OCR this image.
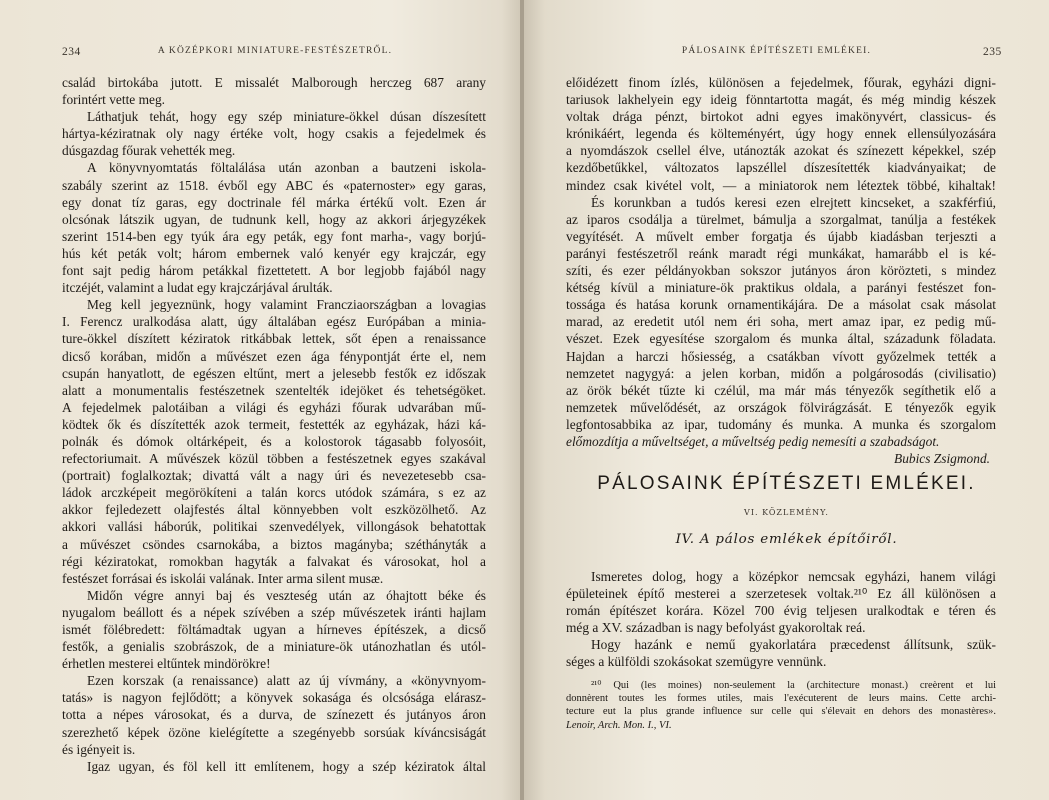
234	A KÖZÉPKORI MINIATURE-FESTÉSZETRŐL.
család birtokába jutott. E missalét Malborough herczeg 687 arany
forintért vette meg.
Láthatjuk tehát, hogy egy szép miniature-ökkel dúsan díszesített
hártya-kéziratnak oly nagy értéke volt, hogy csakis a fejedelmek és
dúsgazdag főurak vehették meg.
A könyvnyomtatás föltalálása után azonban a bautzeni iskola-
szabály szerint az 1518. évből egy ABC és «paternoster» egy garas,
egy donat tíz garas, egy doctrinale fél márka értékű volt. Ezen ár
olcsónak látszik ugyan, de tudnunk kell, hogy az akkori árjegyzékek
szerint 1514-ben egy tyúk ára egy peták, egy font marha-, vagy borjú-
hús két peták volt; három embernek való kenyér egy krajczár, egy
font sajt pedig három petákkal fizettetett. A bor legjobb fajából nagy
itczéjét, valamint a ludat egy krajczárjával árulták.
Meg kell jegyeznünk, hogy valamint Francziaországban a lovagias
I. Ferencz uralkodása alatt, úgy általában egész Európában a minia-
ture-ökkel díszített kéziratok ritkábbak lettek, sőt épen a renaissance
dicső korában, midőn a művészet ezen ága fénypontját érte el, nem
csupán hanyatlott, de egészen eltűnt, mert a jelesebb festők ez időszak
alatt a monumentalis festészetnek szentelték idejöket és tehetségöket.
A fejedelmek palotáiban a világi és egyházi főurak udvarában mű-
ködtek ők és díszítették azok termeit, festették az egyházak, házi ká-
polnák és dómok oltárképeit, és a kolostorok tágasabb folyosóit,
refectoriumait. A művészek közül többen a festészetnek egyes szakával
(portrait) foglalkoztak; divattá vált a nagy úri és nevezetesebb csa-
ládok arczképeit megörökíteni a talán korcs utódok számára, s ez az
akkor fejledezett olajfestés által könnyebben volt eszközölhető. Az
akkori vallási háborúk, politikai szenvedélyek, villongások behatottak
a művészet csöndes csarnokába, a biztos magányba; széthányták a
régi kéziratokat, romokban hagyták a falvakat és városokat, hol a
festészet forrásai és iskolái valának. Inter arma silent musæ.
Midőn végre annyi baj és veszteség után az óhajtott béke és
nyugalom beállott és a népek szívében a szép művészetek iránti hajlam
ismét fölébredett: föltámadtak ugyan a hírneves építészek, a dicső
festők, a genialis szobrászok, de a miniature-ök utánozhatlan és utól-
érhetlen mesterei eltűntek mindörökre!
Ezen korszak (a renaissance) alatt az új vívmány, a «könyvnyom-
tatás» is nagyon fejlődött; a könyvek sokasága és olcsósága elárasz-
totta a népes városokat, és a durva, de színezett és jutányos áron
szerezhető képek özöne kielégítette a szegényebb sorsúak kíváncsiságát
és igényeit is.
Igaz ugyan, és föl kell itt említenem, hogy a szép kéziratok által
PÁLOSAINK ÉPÍTÉSZETI EMLÉKEI.	235
előidézett finom ízlés, különösen a fejedelmek, főurak, egyházi digni-
tariusok lakhelyein egy ideig fönntartotta magát, és még mindig készek
voltak drága pénzt, birtokot adni egyes imakönyvért, classicus- és
krónikáért, legenda és költeményért, úgy hogy ennek ellensúlyozására
a nyomdászok csellel élve, utánozták azokat és színezett képekkel, szép
kezdőbetűkkel, változatos lapszéllel díszesítették kiadványaikat; de
mindez csak kivétel volt, — a miniatorok nem léteztek többé, kihaltak!
És korunkban a tudós keresi ezen elrejtett kincseket, a szakférfiú,
az iparos csodálja a türelmet, bámulja a szorgalmat, tanúlja a festékek
vegyítését. A művelt ember forgatja és újabb kiadásban terjeszti a
parányi festészetről reánk maradt régi munkákat, hamarább el is ké-
szíti, és ezer példányokban sokszor jutányos áron körözteti, s mindez
kétség kívül a miniature-ök praktikus oldala, a parányi festészet fon-
tossága és hatása korunk ornamentikájára. De a másolat csak másolat
marad, az eredetit utól nem éri soha, mert amaz ipar, ez pedig mű-
vészet. Ezek egyesítése szorgalom és munka által, századunk föladata.
Hajdan a harczi hősiesség, a csatákban vívott győzelmek tették a
nemzetet nagygyá: a jelen korban, midőn a polgárosodás (civilisatio)
az örök békét tűzte ki czélúl, ma már más tényezők segíthetik elő a
nemzetek művelődését, az országok fölvirágzását. E tényezők egyik
legfontosabbika az ipar, tudomány és munka. A munka és szorgalom
előmozdítja a műveltséget, a műveltség pedig nemesíti a szabadságot.
Bubics Zsigmond.
PÁLOSAINK ÉPÍTÉSZETI EMLÉKEI.
VI. KÖZLEMÉNY.
IV. A pálos emlékek építőiről.
Ismeretes dolog, hogy a középkor nemcsak egyházi, hanem világi
épületeinek építő mesterei a szerzetesek voltak.²¹⁰ Ez áll különösen a
román építészet korára. Közel 700 évig teljesen uralkodtak e téren és
még a XV. században is nagy befolyást gyakoroltak reá.
Hogy hazánk e nemű gyakorlatára præcedenst állítsunk, szük-
séges a külföldi szokásokat szemügyre vennünk.
²¹⁰ Qui (les moines) non-seulement la (architecture monast.) creèrent et lui
donnèrent toutes les formes utiles, mais l'exécuterent de leurs mains. Cette archi-
tecture eut la plus grande influence sur celle qui s'élevait en dehors des monastères».
Lenoir, Arch. Mon. I., VI.
